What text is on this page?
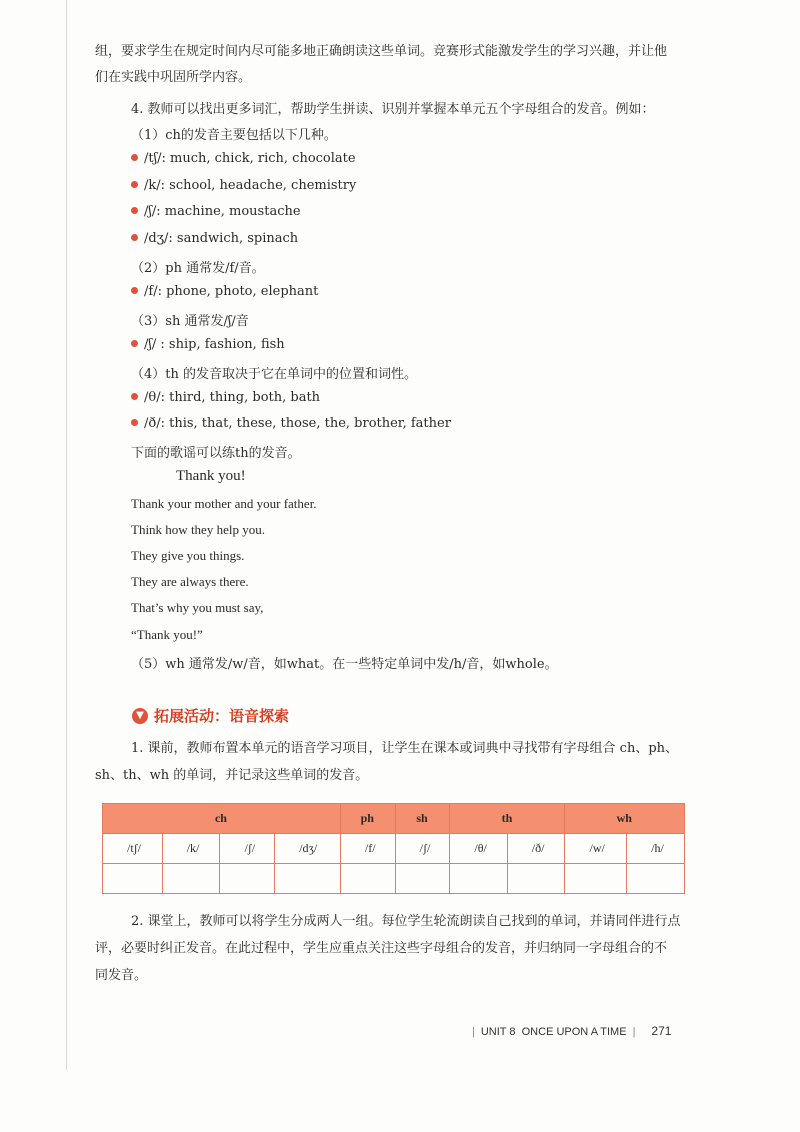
组，要求学生在规定时间内尽可能多地正确朗读这些单词。竞赛形式能激发学生的学习兴趣，并让他
们在实践中巩固所学内容。
4. 教师可以找出更多词汇，帮助学生拼读、识别并掌握本单元五个字母组合的发音。例如：
（1）ch的发音主要包括以下几种。
/tʃ/: much, chick, rich, chocolate
/k/: school, headache, chemistry
/ʃ/: machine, moustache
/dʒ/: sandwich, spinach
（2）ph 通常发/f/音。
/f/: phone, photo, elephant
（3）sh 通常发/ʃ/音
/ʃ/ : ship, fashion, fish
（4）th 的发音取决于它在单词中的位置和词性。
/θ/: third, thing, both, bath
/ð/: this, that, these, those, the, brother, father
下面的歌谣可以练th的发音。
Thank you!
Thank your mother and your father.
Think how they help you.
They give you things.
They are always there.
That’s why you must say,
“Thank you!”
（5）wh 通常发/w/音，如what。在一些特定单词中发/h/音，如whole。
▼ 拓展活动：语音探索
1. 课前，教师布置本单元的语音学习项目，让学生在课本或词典中寻找带有字母组合 ch、ph、
sh、th、wh 的单词，并记录这些单词的发音。
ch				ph	sh	th		wh	
/tʃ/	/k/	/ʃ/	/dʒ/	/f/	/ʃ/	/θ/	/ð/	/w/	/h/

2. 课堂上，教师可以将学生分成两人一组。每位学生轮流朗读自己找到的单词，并请同伴进行点
评，必要时纠正发音。在此过程中，学生应重点关注这些字母组合的发音，并归纳同一字母组合的不
同发音。
| UNIT 8 ONCE UPON A TIME | 271
